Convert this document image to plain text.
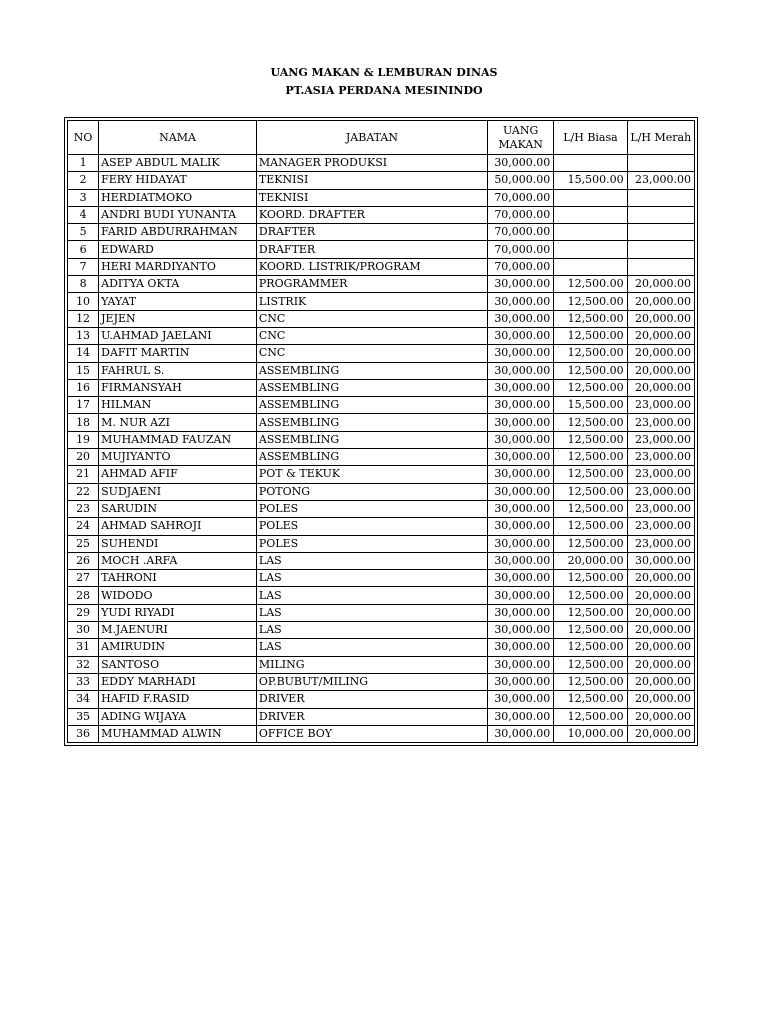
UANG MAKAN & LEMBURAN DINAS
PT.ASIA PERDANA MESININDO
NO	NAMA	JABATAN	UANG
MAKAN	L/H Biasa	L/H Merah
1	ASEP ABDUL MALIK	MANAGER PRODUKSI	30,000.00		
2	FERY HIDAYAT	TEKNISI	50,000.00	15,500.00	23,000.00
3	HERDIATMOKO	TEKNISI	70,000.00		
4	ANDRI BUDI YUNANTA	KOORD. DRAFTER	70,000.00		
5	FARID ABDURRAHMAN	DRAFTER	70,000.00		
6	EDWARD	DRAFTER	70,000.00		
7	HERI MARDIYANTO	KOORD. LISTRIK/PROGRAM	70,000.00		
8	ADITYA OKTA	PROGRAMMER	30,000.00	12,500.00	20,000.00
10	YAYAT	LISTRIK	30,000.00	12,500.00	20,000.00
12	JEJEN	CNC	30,000.00	12,500.00	20,000.00
13	U.AHMAD JAELANI	CNC	30,000.00	12,500.00	20,000.00
14	DAFIT MARTIN	CNC	30,000.00	12,500.00	20,000.00
15	FAHRUL S.	ASSEMBLING	30,000.00	12,500.00	20,000.00
16	FIRMANSYAH	ASSEMBLING	30,000.00	12,500.00	20,000.00
17	HILMAN	ASSEMBLING	30,000.00	15,500.00	23,000.00
18	M. NUR AZI	ASSEMBLING	30,000.00	12,500.00	23,000.00
19	MUHAMMAD FAUZAN	ASSEMBLING	30,000.00	12,500.00	23,000.00
20	MUJIYANTO	ASSEMBLING	30,000.00	12,500.00	23,000.00
21	AHMAD AFIF	POT & TEKUK	30,000.00	12,500.00	23,000.00
22	SUDJAENI	POTONG	30,000.00	12,500.00	23,000.00
23	SARUDIN	POLES	30,000.00	12,500.00	23,000.00
24	AHMAD SAHROJI	POLES	30,000.00	12,500.00	23,000.00
25	SUHENDI	POLES	30,000.00	12,500.00	23,000.00
26	MOCH .ARFA	LAS	30,000.00	20,000.00	30,000.00
27	TAHRONI	LAS	30,000.00	12,500.00	20,000.00
28	WIDODO	LAS	30,000.00	12,500.00	20,000.00
29	YUDI RIYADI	LAS	30,000.00	12,500.00	20,000.00
30	M.JAENURI	LAS	30,000.00	12,500.00	20,000.00
31	AMIRUDIN	LAS	30,000.00	12,500.00	20,000.00
32	SANTOSO	MILING	30,000.00	12,500.00	20,000.00
33	EDDY MARHADI	OP.BUBUT/MILING	30,000.00	12,500.00	20,000.00
34	HAFID F.RASID	DRIVER	30,000.00	12,500.00	20,000.00
35	ADING WIJAYA	DRIVER	30,000.00	12,500.00	20,000.00
36	MUHAMMAD ALWIN	OFFICE BOY	30,000.00	10,000.00	20,000.00
